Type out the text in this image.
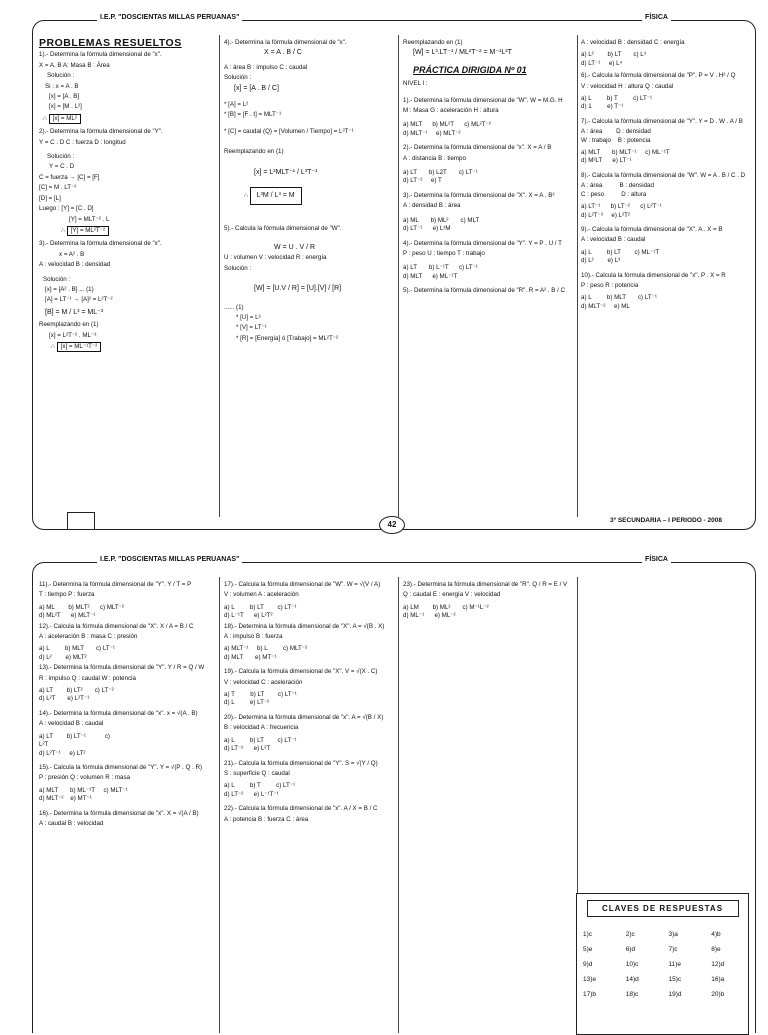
I.E.P. "DOSCIENTAS MILLAS PERUANAS"	FÍSICA
PROBLEMAS RESUELTOS

1).- Determina la fórmula dimensional de "x".

X = A. B A: Masa B : Área

Solución :

Si : x = A . B

[x] = [A . B]

[x] = [M . L²]

∴ [x] = ML²

2).- Determina la fórmula dimensional de "Y".

Y = C . D C : fuerza D : longitud

Solución :

Y = C . D

C = fuerza → [C] = [F]

[C] = M . LT⁻²

[D] = [L]

Luego : [Y] = [C . D]

[Y] = MLT⁻² . L

∴ [Y] = ML²T⁻²

3).- Determina la fórmula dimensional de "x".

x = A² . B

A : velocidad B : densidad

Solución :

[x] = [A² . B] ... (1)

[A] = LT⁻¹ → [A]² = L²T⁻²

[B] = M / L³ = ML⁻³

Reemplazando en (1)

[x] = L²T⁻² . ML⁻³

∴ [x] = ML⁻¹T⁻²

4).- Determina la fórmula dimensional de "x".

X = A . B / C

A : área B : impulso C : caudal

Solución :

[x] = [A . B / C]

* [A] = L²

* [B] = [F . t] = MLT⁻¹

* [C] = caudal (Q) = [Volumen / Tiempo] = L³T⁻¹

Reemplazando en (1)

[x] = L²MLT⁻¹ / L³T⁻¹

∴ L³M / L³ = M

5).- Calcula la fórmula dimensional de "W".

W = U . V / R

U : volumen V : velocidad R : energía

Solución :

[W] = [U.V / R] = [U].[V] / [R]

...... (1)

* [U] = L³

* [V] = LT⁻¹

* [R] = [Energía] ó [Trabajo] = ML²T⁻²

Reemplazando en (1)

[W] = L³.LT⁻¹ / ML²T⁻² = M⁻¹L²T

PRÁCTICA DIRIGIDA Nº 01

NIVEL I :

1).- Determina la fórmula dimensional de "W". W = M.G. H

M : Masa G : aceleración H : altura

a) MLT      b) ML²T      c) ML²T⁻²
d) MLT⁻¹     e) MLT⁻²

2).- Determina la fórmula dimensional de "x". X = A / B

A : distancia B : tiempo

a) LT       b) L2T       c) LT⁻¹
d) LT⁻²     e) T

3).- Determina la fórmula dimensional de "X". X = A . B³

A : densidad B : área

a) ML       b) ML²       c) MLT
d) LT⁻¹      e) L³M

4).- Determina la fórmula dimensional de "Y". Y = P . U / T

P : peso U : tiempo T : trabajo

a) LT       b) L⁻¹T      c) LT⁻¹
d) MLT      e) ML⁻¹T

5).- Determina la fórmula dimensional de "R". R = A² . B / C

A : velocidad B : densidad C : energía

a) L²        b) LT       c) L³
d) LT⁻¹     e) L⁴

6).- Calcula la fórmula dimensional de "P". P = V . H² / Q

V : velocidad H : altura Q : caudal

a) L         b) T         c) LT⁻¹
d) 1         e) T⁻¹

7).- Calcula la fórmula dimensional de "Y". Y = D . W . A / B

A : área        D : densidad
W : trabajo    B : potencia

a) MLT       b) MLT⁻¹     c) ML⁻¹T
d) M²LT      e) LT⁻¹

8).- Calcula la fórmula dimensional de "W". W = A . B / C . D

A : área          B : densidad
C : peso          D : altura

a) LT⁻¹      b) LT⁻²      c) L²T⁻¹
d) L²T⁻³     e) L²T²

9).- Calcula la fórmula dimensional de "X". A . X = B

A : velocidad B : caudal

a) L         b) LT        c) ML⁻¹T
d) L²        e) L³

10).- Calcula la fórmula dimensional de "x". P . X = R

P : peso R : potencia

a) L         b) MLT       c) LT⁻¹
d) MLT⁻²     e) ML

42	3º SECUNDARIA – I PERIODO - 2008
I.E.P. "DOSCIENTAS MILLAS PERUANAS"	FÍSICA

11).- Determina la fórmula dimensional de "Y". Y / T = P

T : tiempo P : fuerza

a) ML        b) MLT²      c) MLT⁻²
d) ML²T      e) MLT⁻¹

12).- Calcula la fórmula dimensional de "X". X / A = B / C

A : aceleración B : masa C : presión

a) L         b) MLT       c) LT⁻¹
d) L²        e) MLT²

13).- Determina la fórmula dimensional de "Y". Y / R = Q / W

R : impulso Q : caudal W : potencia

a) LT        b) LT²       c) LT⁻²
d) L²T       e) L²T⁻¹

14).- Determina la fórmula dimensional de "x". x = √(A . B)

A : velocidad B : caudal

a) LT        b) LT⁻¹           c)
L²T
d) L²T⁻¹     e) LT²

15).- Calcula la fórmula dimensional de "Y". Y = √(P . Q . R)

P : presión Q : volumen R : masa

a) MLT       b) ML⁻¹T     c) MLT⁻¹
d) MLT⁻²    e) MT⁻¹

16).- Determina la fórmula dimensional de "x". X = √(A / B)

A : caudal B : velocidad

17).- Calcula la fórmula dimensional de "W". W = √(V / A)

V : volumen A : aceleración

a) L         b) LT        c) LT⁻¹
d) L⁻¹T      e) L²T²

18).- Determina la fórmula dimensional de "X". A = √(B . X)

A : impulso B : fuerza

a) MLT⁻¹     b) L         c) MLT⁻²
d) MLT       e) MT⁻¹

19).- Calcula la fórmula dimensional de "X". V = √(X . C)

V : velocidad C : aceleración

a) T         b) LT        c) LT⁻¹
d) L         e) LT⁻²

20).- Determina la fórmula dimensional de "x". A = √(B / X)

B : velocidad A : frecuencia

a) L         b) LT        c) LT⁻¹
d) LT⁻²      e) L²T

21).- Calcula la fórmula dimensional de "Y". S = √(Y / Q)

S : superficie Q : caudal

a) L         b) T         c) LT⁻¹
d) LT⁻²      e) L⁻¹T⁻¹

22).- Calcula la fórmula dimensional de "x". A / X = B / C

A : potencia B : fuerza C : área

23).- Determina la fórmula dimensional de "R". Q / R = E / V

Q : caudal E : energía V : velocidad

a) LM        b) ML²       c) M⁻¹L⁻²
d) ML⁻¹      e) ML⁻²

CLAVES DE RESPUESTAS
1)c	2)c	3)a	4)b
5)e	6)d	7)c	8)e
9)d	10)c	11)e	12)d
13)e	14)d	15)c	16)a
17)b	18)c	19)d	20)b
